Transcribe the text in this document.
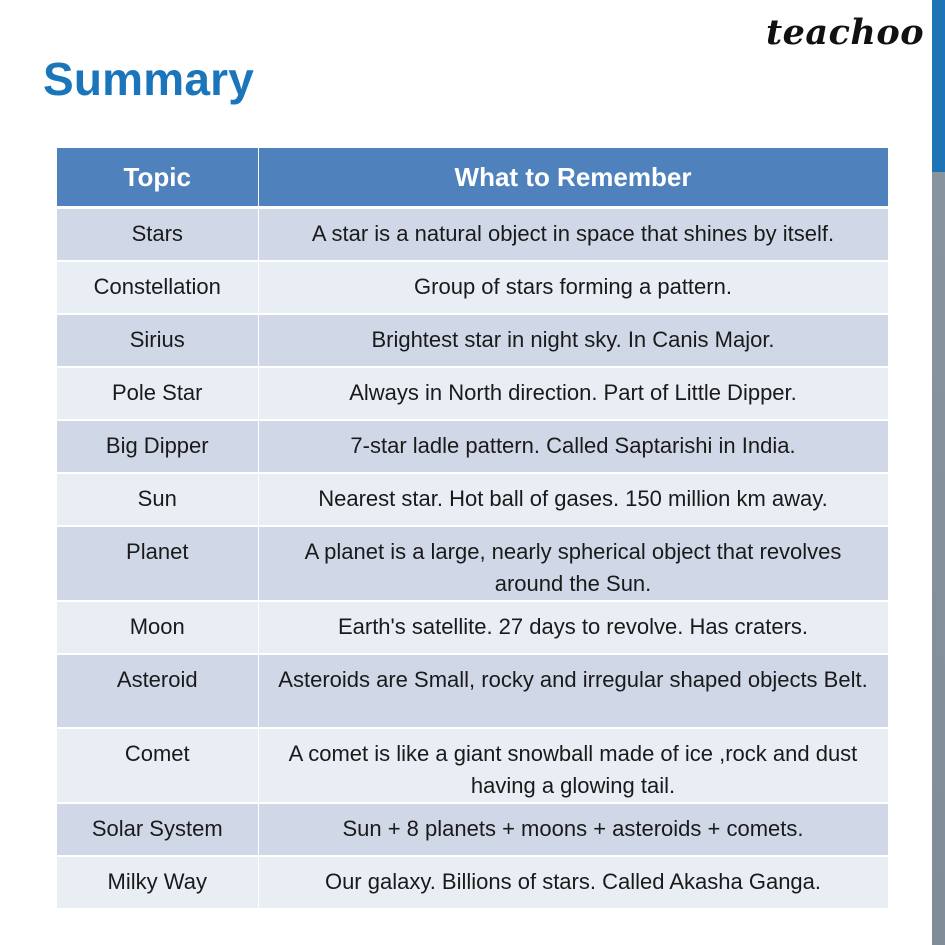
Summary
teachoo
Topic	What to Remember
Stars	A star is a natural object in space that shines by itself.
Constellation	Group of stars forming a pattern.
Sirius	Brightest star in night sky. In Canis Major.
Pole Star	Always in North direction. Part of Little Dipper.
Big Dipper	7-star ladle pattern. Called Saptarishi in India.
Sun	Nearest star. Hot ball of gases. 150 million km away.
Planet	A planet is a large, nearly spherical object that revolves around the Sun.
Moon	Earth's satellite. 27 days to revolve. Has craters.
Asteroid	Asteroids are Small, rocky and irregular shaped objects Belt.
Comet	A comet is like a giant snowball made of ice ,rock and dust having a glowing tail.
Solar System	Sun + 8 planets + moons + asteroids + comets.
Milky Way	Our galaxy. Billions of stars. Called Akasha Ganga.
